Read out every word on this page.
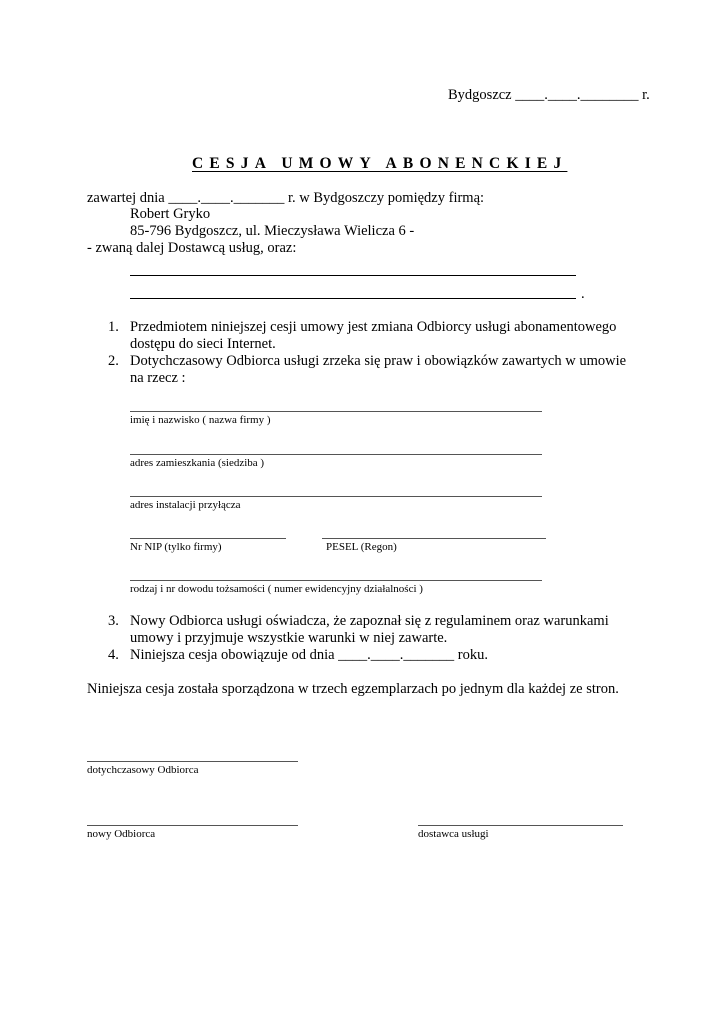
Bydgoszcz ____.____.________ r.
CESJA UMOWY ABONENCKIEJ
zawartej dnia ____.____._______ r. w Bydgoszczy pomiędzy firmą:
Robert Gryko
85-796 Bydgoszcz, ul. Mieczysława Wielicza 6 -
- zwaną dalej Dostawcą usług, oraz:
.
1. Przedmiotem niniejszej cesji umowy jest zmiana Odbiorcy usługi abonamentowego
dostępu do sieci Internet.
2. Dotychczasowy Odbiorca usługi zrzeka się praw i obowiązków zawartych w umowie
na rzecz :
imię i nazwisko ( nazwa firmy )
adres zamieszkania (siedziba )
adres instalacji przyłącza
Nr NIP (tylko firmy)	PESEL (Regon)
rodzaj i nr dowodu tożsamości ( numer ewidencyjny działalności )
3. Nowy Odbiorca usługi oświadcza, że zapoznał się z regulaminem oraz warunkami
umowy i przyjmuje wszystkie warunki w niej zawarte.
4. Niniejsza cesja obowiązuje od dnia ____.____._______ roku.
Niniejsza cesja została sporządzona w trzech egzemplarzach po jednym dla każdej ze stron.
dotychczasowy Odbiorca
nowy Odbiorca	dostawca usługi
